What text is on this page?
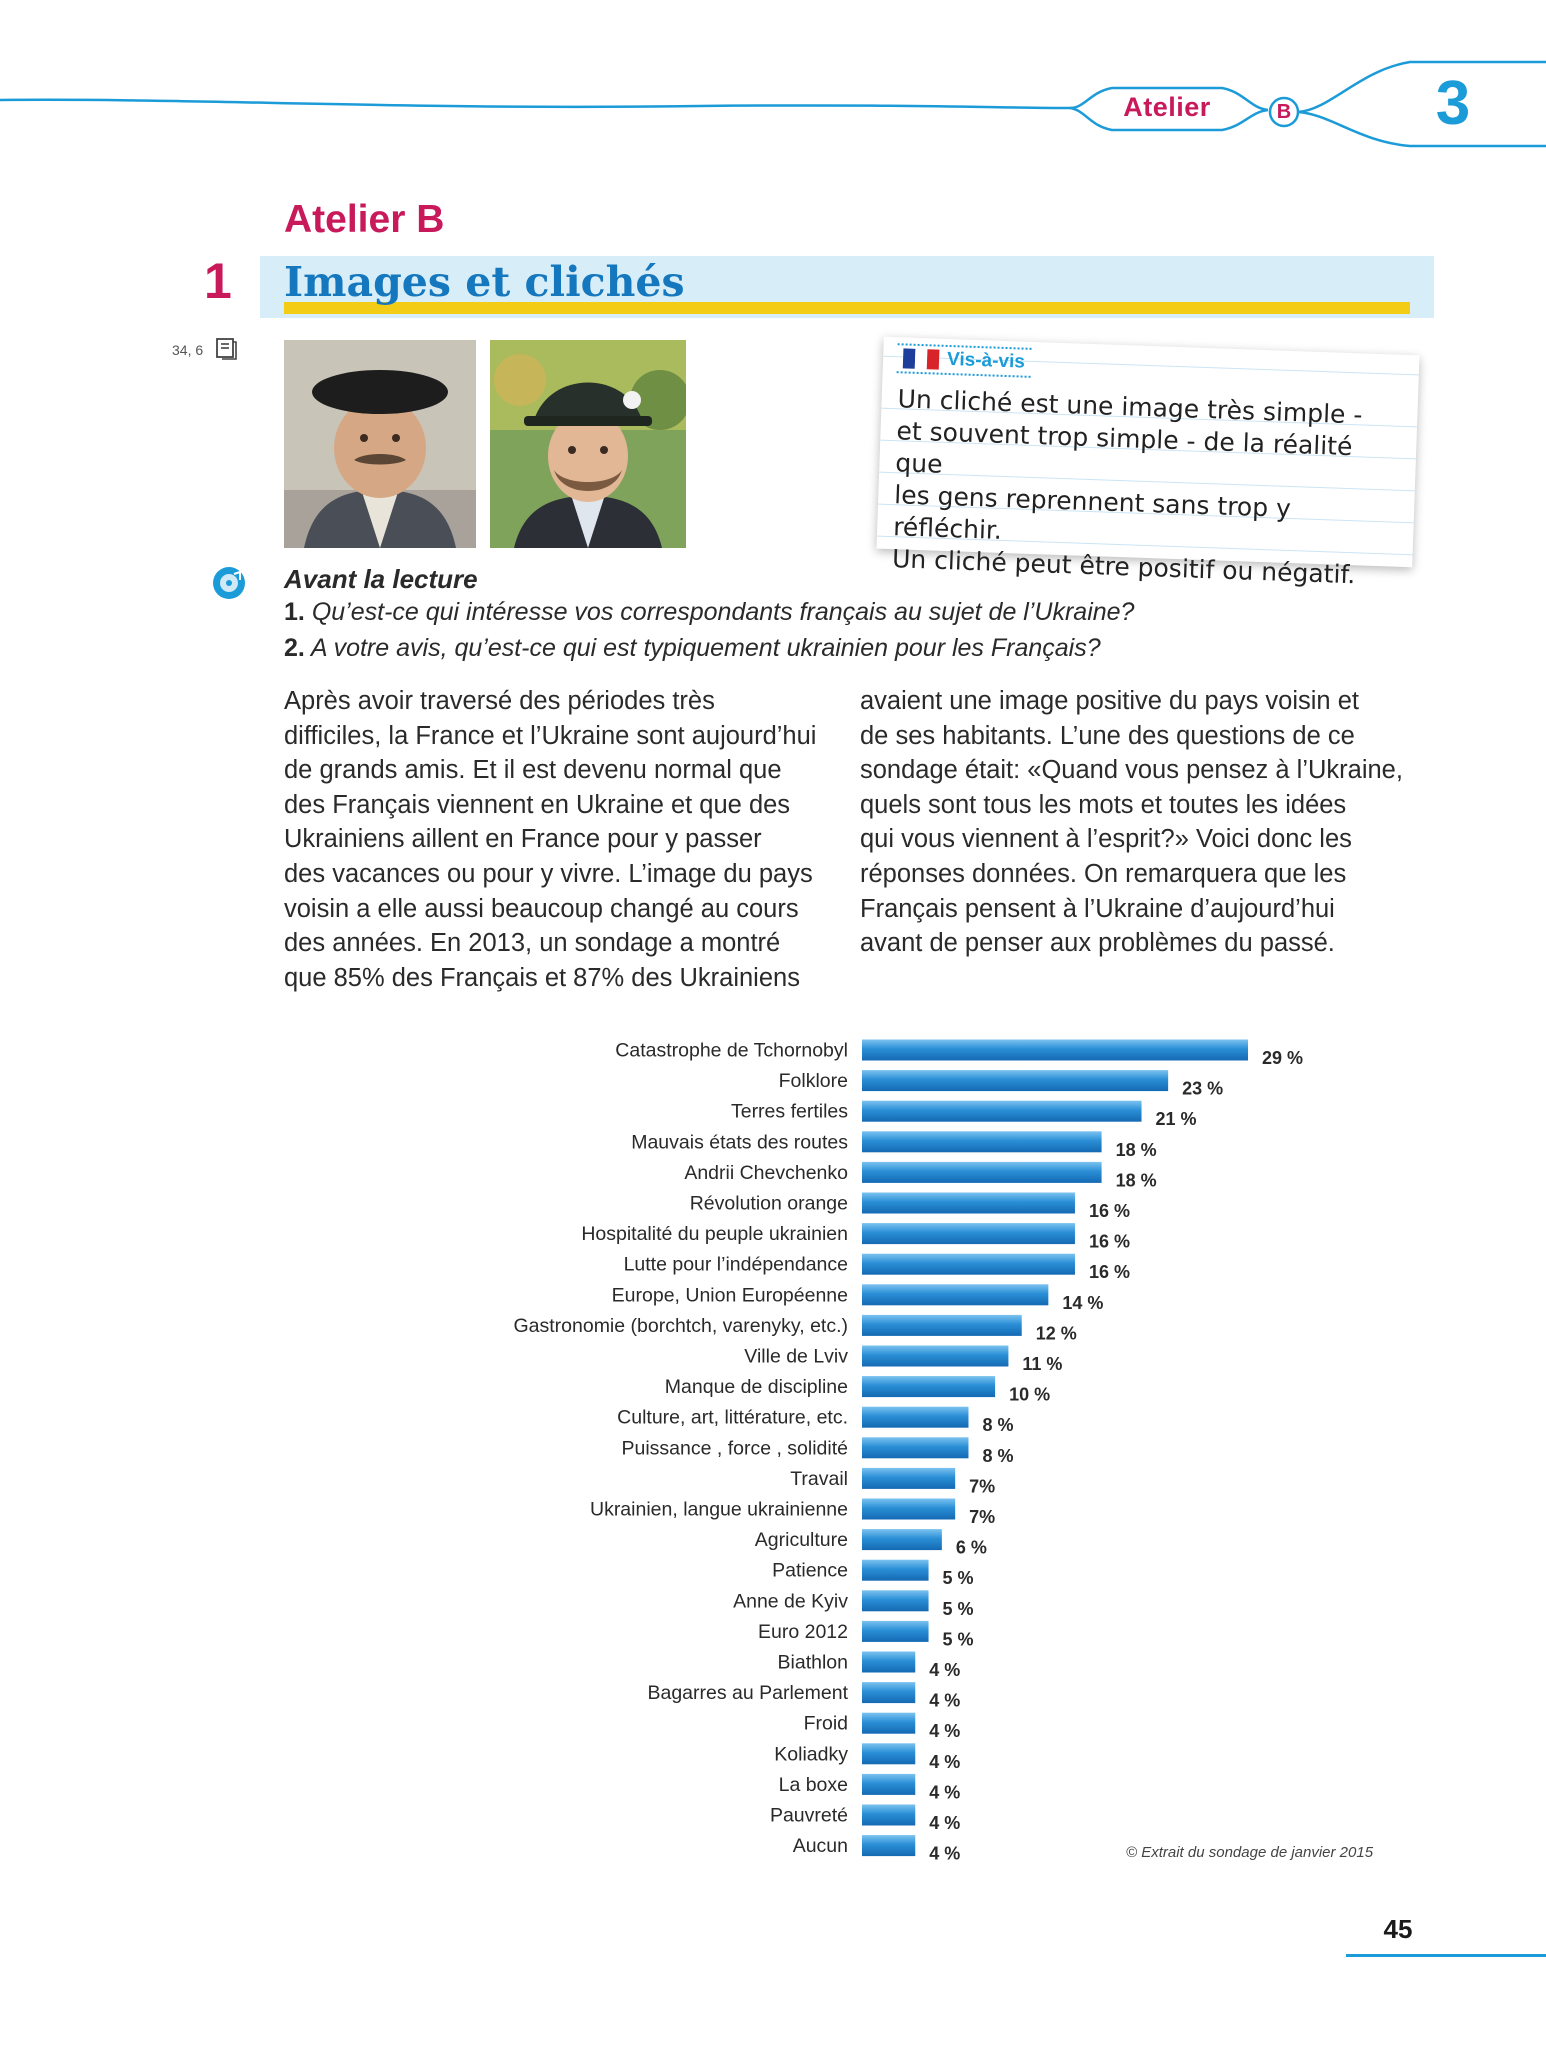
Atelier	B 3
Atelier B
1 Images et clichés
34, 6	Vis-à-vis
Un cliché est une image très simple -
et souvent trop simple - de la réalité que
les gens reprennent sans trop y réfléchir.
Un cliché peut être positif ou négatif.
Avant la lecture
1. Qu’est-ce qui intéresse vos correspondants français au sujet de l’Ukraine?
2. A votre avis, qu’est-ce qui est typiquement ukrainien pour les Français?
Après avoir traversé des périodes très
difficiles, la France et l’Ukraine sont aujourd’hui
de grands amis. Et il est devenu normal que
des Français viennent en Ukraine et que des
Ukrainiens aillent en France pour y passer
des vacances ou pour y vivre. L’image du pays
voisin a elle aussi beaucoup changé au cours
des années. En 2013, un sondage a montré
que 85% des Français et 87% des Ukrainiens
avaient une image positive du pays voisin et
de ses habitants. L’une des questions de ce
sondage était: «Quand vous pensez à l’Ukraine,
quels sont tous les mots et toutes les idées
qui vous viennent à l’esprit?» Voici donc les
réponses données. On remarquera que les
Français pensent à l’Ukraine d’aujourd’hui
avant de penser aux problèmes du passé.
Catastrophe de Tchornobyl	29 %
Folklore	23 %
Terres fertiles	21 %
Mauvais états des routes	18 %
Andrii Chevchenko	18 %
Révolution orange	16 %
Hospitalité du peuple ukrainien	16 %
Lutte pour l’indépendance	16 %
Europe, Union Européenne	14 %
Gastronomie (borchtch, varenyky, etc.)	12 %
Ville de Lviv	11 %
Manque de discipline	10 %
Culture, art, littérature, etc.	8 %
Puissance , force , solidité	8 %
Travail	7%
Ukrainien, langue ukrainienne	7%
Agriculture	6 %
Patience	5 %
Anne de Kyiv	5 %
Euro 2012	5 %
Biathlon	4 %
Bagarres au Parlement	4 %
Froid	4 %
Koliadky	4 %
La boxe	4 %
Pauvreté	4 %
Aucun	4 %	© Extrait du sondage de janvier 2015
45
